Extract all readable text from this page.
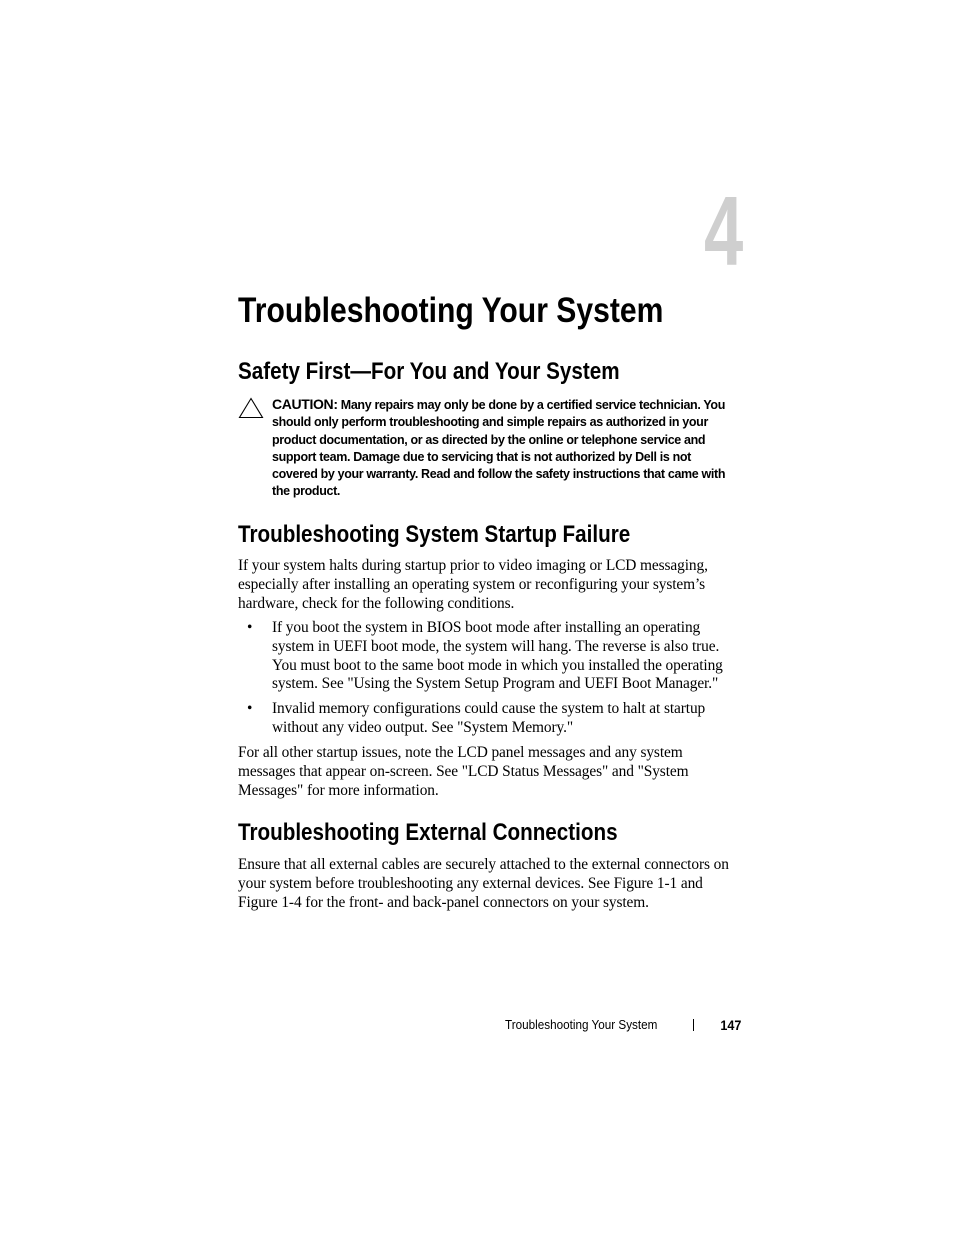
4
Troubleshooting Your System
Safety First—For You and Your System
CAUTION: Many repairs may only be done by a certified service technician. You should only perform troubleshooting and simple repairs as authorized in your product documentation, or as directed by the online or telephone service and support team. Damage due to servicing that is not authorized by Dell is not covered by your warranty. Read and follow the safety instructions that came with the product.
Troubleshooting System Startup Failure

If your system halts during startup prior to video imaging or LCD messaging, especially after installing an operating system or reconfiguring your system’s hardware, check for the following conditions.

• If you boot the system in BIOS boot mode after installing an operating system in UEFI boot mode, the system will hang. The reverse is also true. You must boot to the same boot mode in which you installed the operating system. See "Using the System Setup Program and UEFI Boot Manager."
• Invalid memory configurations could cause the system to halt at startup without any video output. See "System Memory."

For all other startup issues, note the LCD panel messages and any system messages that appear on-screen. See "LCD Status Messages" and "System Messages" for more information.

Troubleshooting External Connections

Ensure that all external cables are securely attached to the external connectors on your system before troubleshooting any external devices. See Figure 1-1 and Figure 1-4 for the front- and back-panel connectors on your system.

Troubleshooting Your System	147
